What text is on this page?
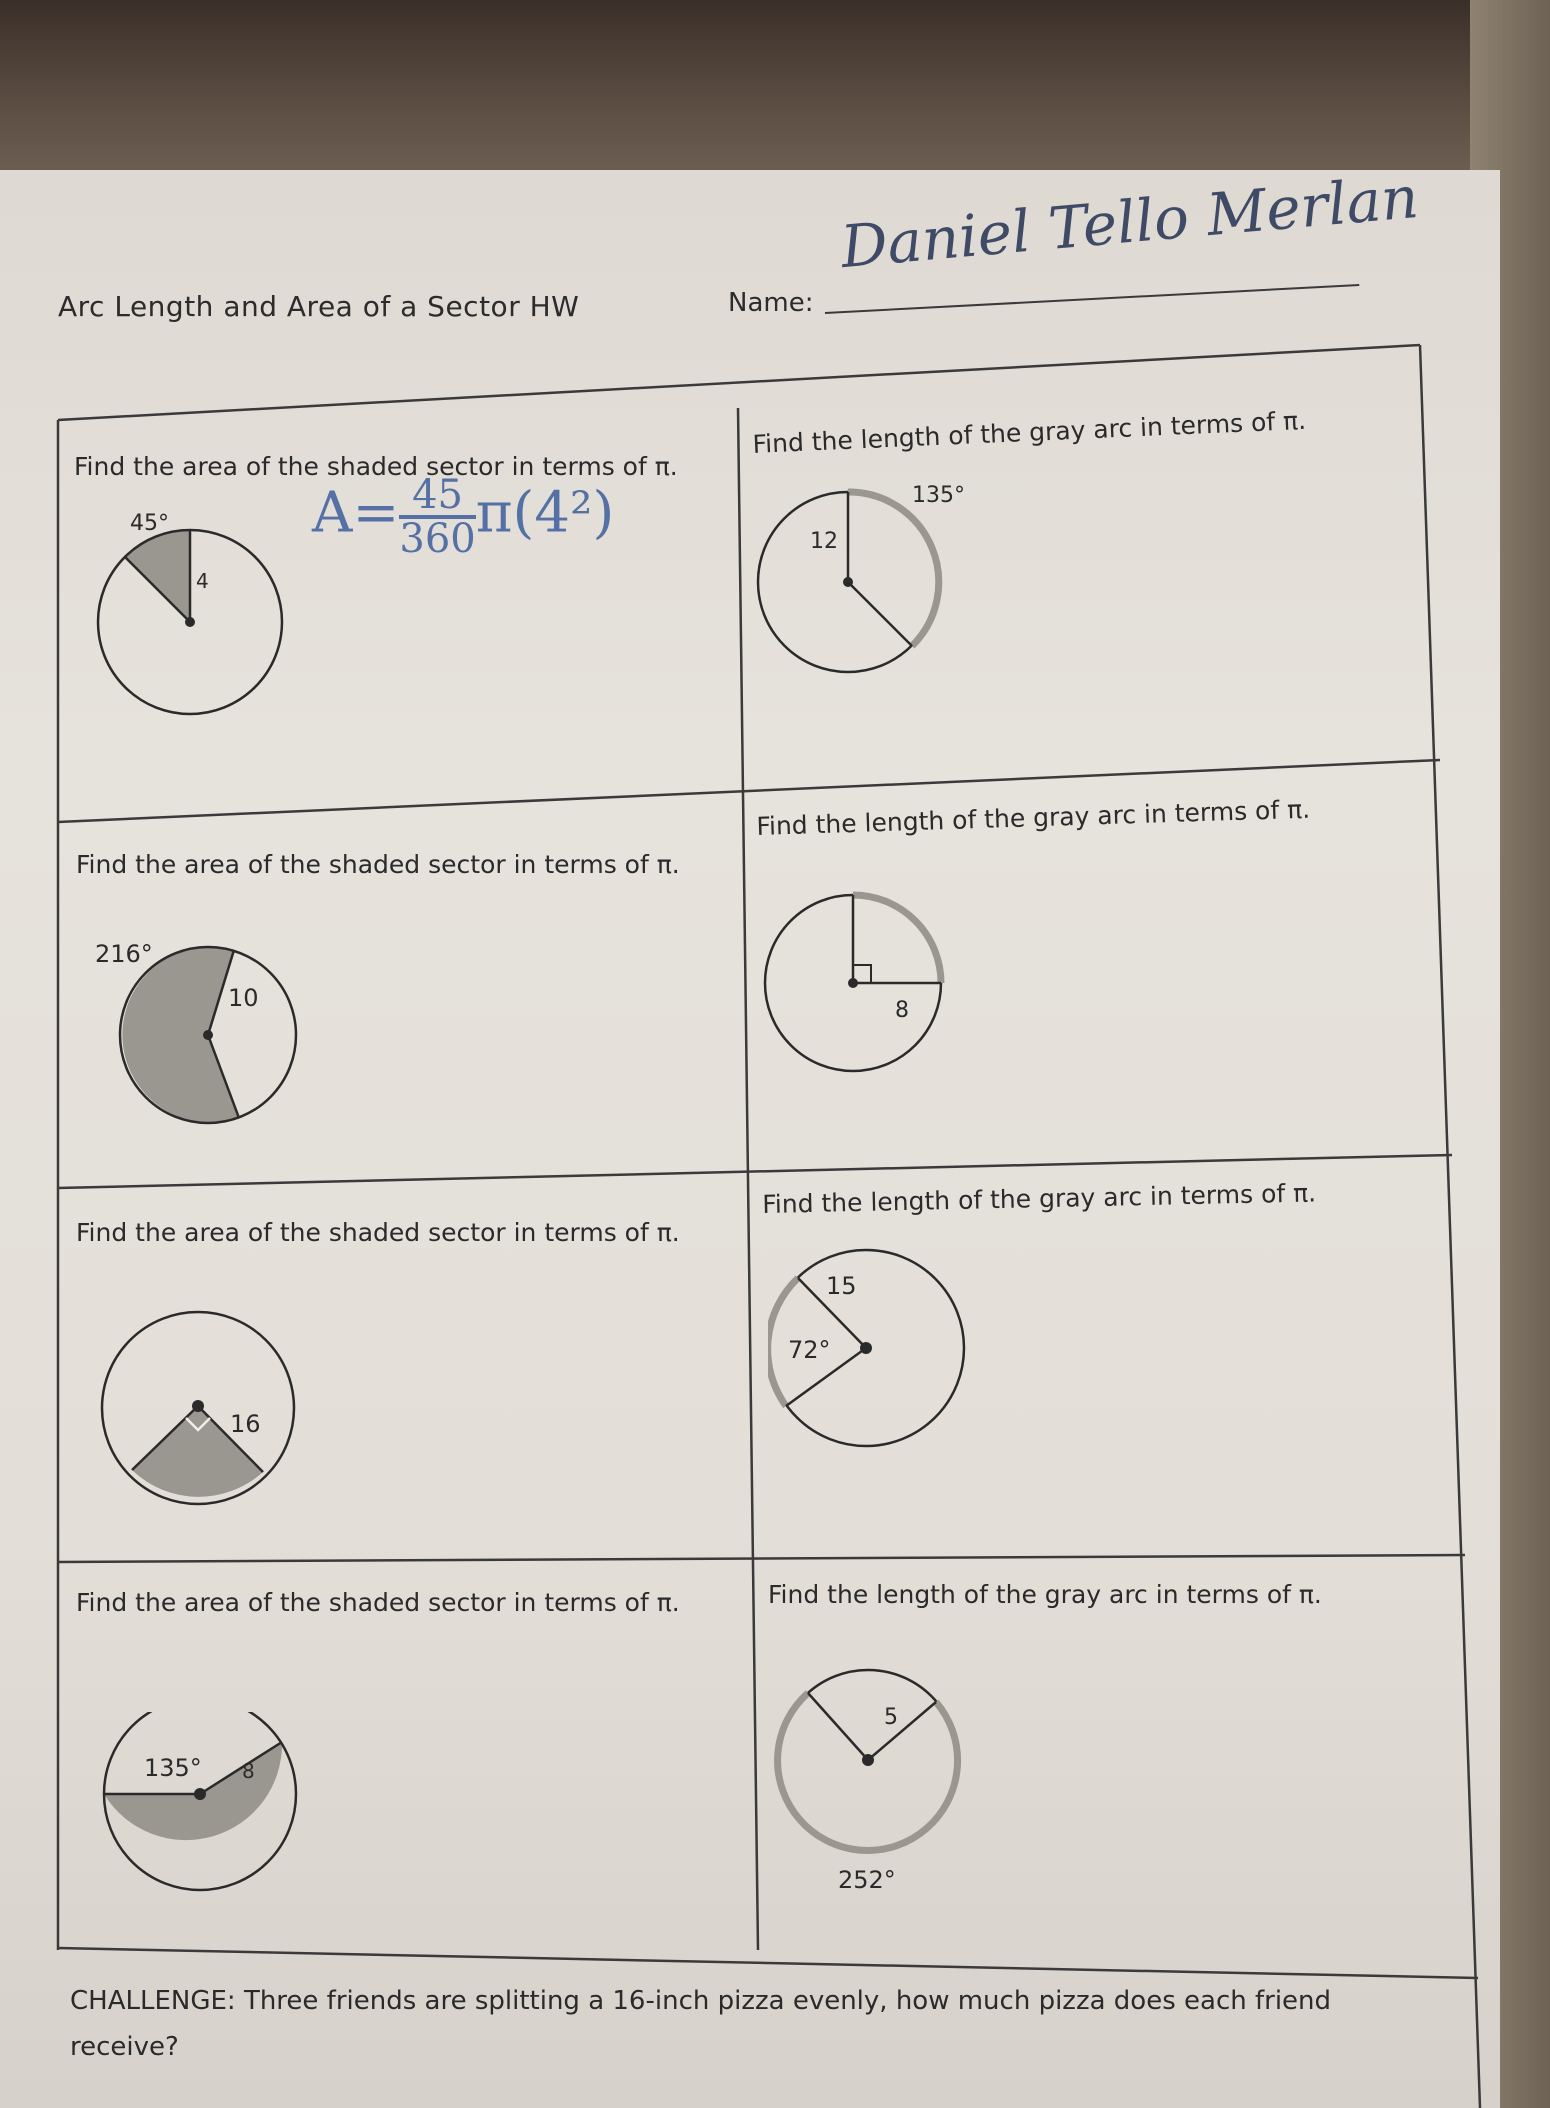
Arc Length and Area of a Sector HW	Name:
Daniel Tello Merlan
Find the area of the shaded sector in terms of π.
Find the length of the gray arc in terms of π.
Find the area of the shaded sector in terms of π.
Find the length of the gray arc in terms of π.
Find the area of the shaded sector in terms of π.
Find the length of the gray arc in terms of π.
Find the area of the shaded sector in terms of π.	Find the length of the gray arc in terms of π.
$A= \frac{45}{360} \pi(4^2)$
45°
4
135°
12
216°
10	8
16
15
72°
135° 8
5
252°
CHALLENGE: Three friends are splitting a 16-inch pizza evenly, how much pizza does each friend receive?
